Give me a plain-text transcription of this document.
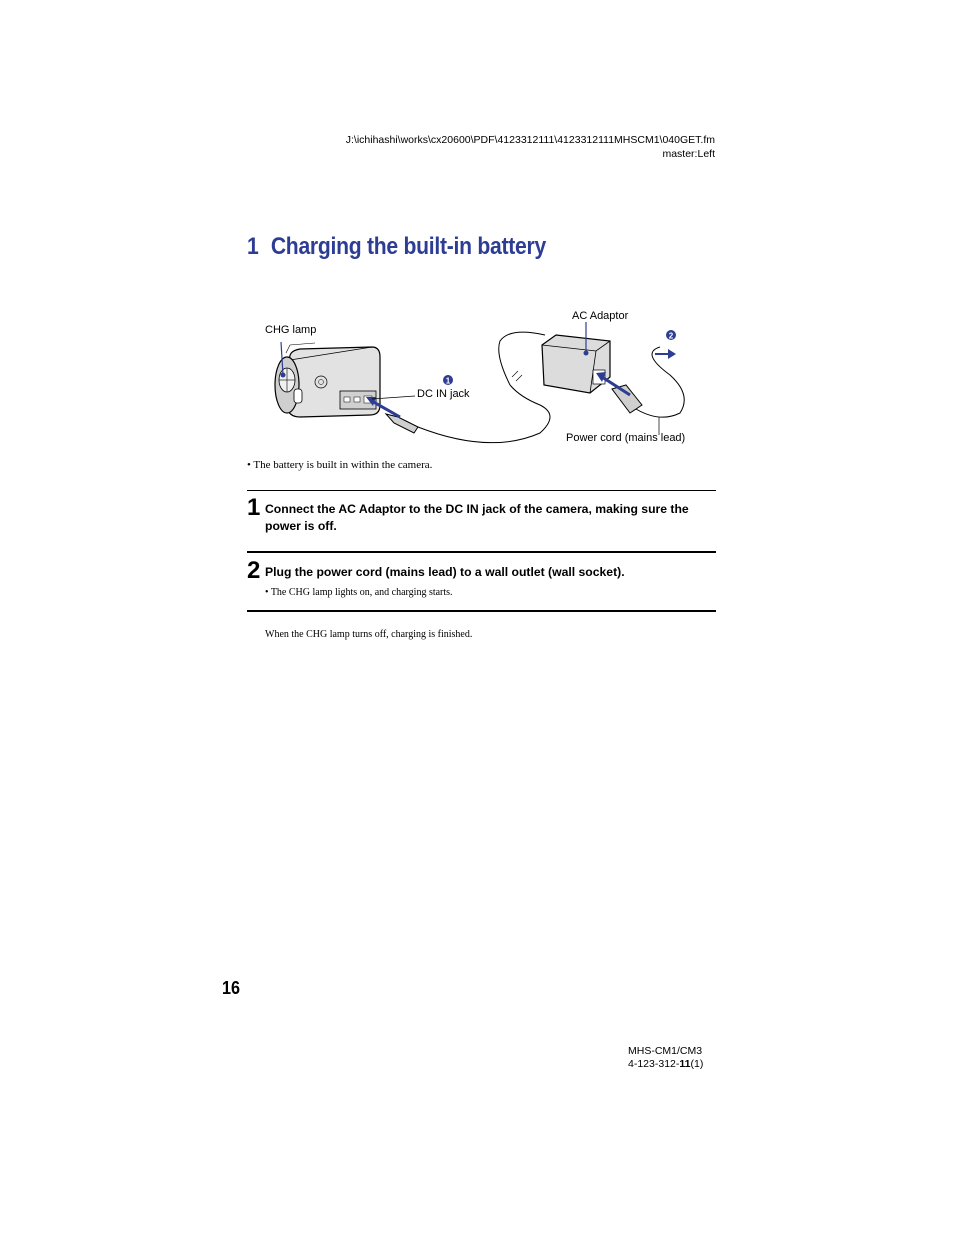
J:\ichihashi\works\cx20600\PDF\4123312111\4123312111MHSCM1\040GET.fm
master:Left
1 Charging the built-in battery
1
2
CHG lamp
AC Adaptor
DC IN jack
Power cord (mains lead)
• The battery is built in within the camera.
1 Connect the AC Adaptor to the DC IN jack of the camera, making sure the power is off.
2 Plug the power cord (mains lead) to a wall outlet (wall socket).
• The CHG lamp lights on, and charging starts.
When the CHG lamp turns off, charging is finished.
16
MHS-CM1/CM3
4-123-312-11(1)
